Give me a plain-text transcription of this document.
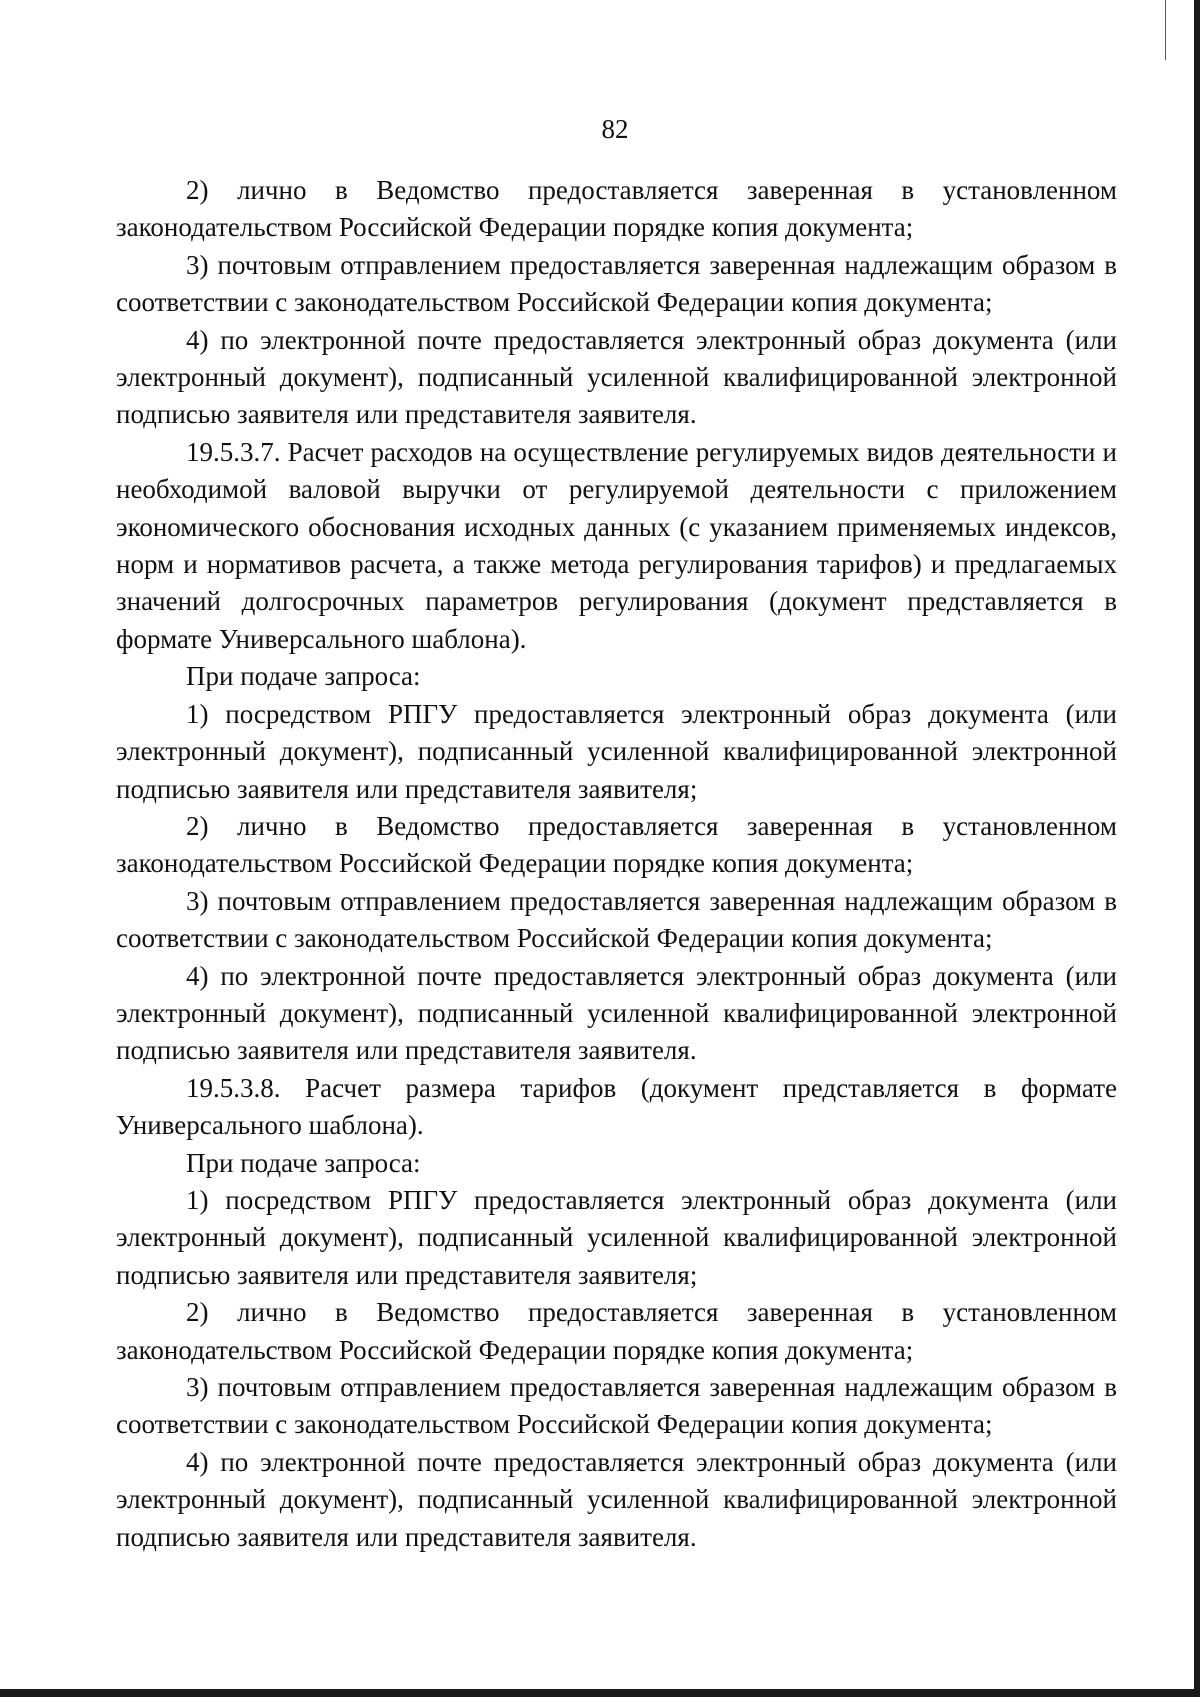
82

2) лично в Ведомство предоставляется заверенная в установленном законодательством Российской Федерации порядке копия документа;

3) почтовым отправлением предоставляется заверенная надлежащим образом в соответствии с законодательством Российской Федерации копия документа;

4) по электронной почте предоставляется электронный образ документа (или электронный документ), подписанный усиленной квалифицированной электронной подписью заявителя или представителя заявителя.

19.5.3.7. Расчет расходов на осуществление регулируемых видов деятельности и необходимой валовой выручки от регулируемой деятельности с приложением экономического обоснования исходных данных (с указанием применяемых индексов, норм и нормативов расчета, а также метода регулирования тарифов) и предлагаемых значений долгосрочных параметров регулирования (документ представляется в формате Универсального шаблона).

При подаче запроса:

1) посредством РПГУ предоставляется электронный образ документа (или электронный документ), подписанный усиленной квалифицированной электронной подписью заявителя или представителя заявителя;

2) лично в Ведомство предоставляется заверенная в установленном законодательством Российской Федерации порядке копия документа;

3) почтовым отправлением предоставляется заверенная надлежащим образом в соответствии с законодательством Российской Федерации копия документа;

4) по электронной почте предоставляется электронный образ документа (или электронный документ), подписанный усиленной квалифицированной электронной подписью заявителя или представителя заявителя.

19.5.3.8. Расчет размера тарифов (документ представляется в формате Универсального шаблона).

При подаче запроса:

1) посредством РПГУ предоставляется электронный образ документа (или электронный документ), подписанный усиленной квалифицированной электронной подписью заявителя или представителя заявителя;

2) лично в Ведомство предоставляется заверенная в установленном законодательством Российской Федерации порядке копия документа;

3) почтовым отправлением предоставляется заверенная надлежащим образом в соответствии с законодательством Российской Федерации копия документа;

4) по электронной почте предоставляется электронный образ документа (или электронный документ), подписанный усиленной квалифицированной электронной подписью заявителя или представителя заявителя.
